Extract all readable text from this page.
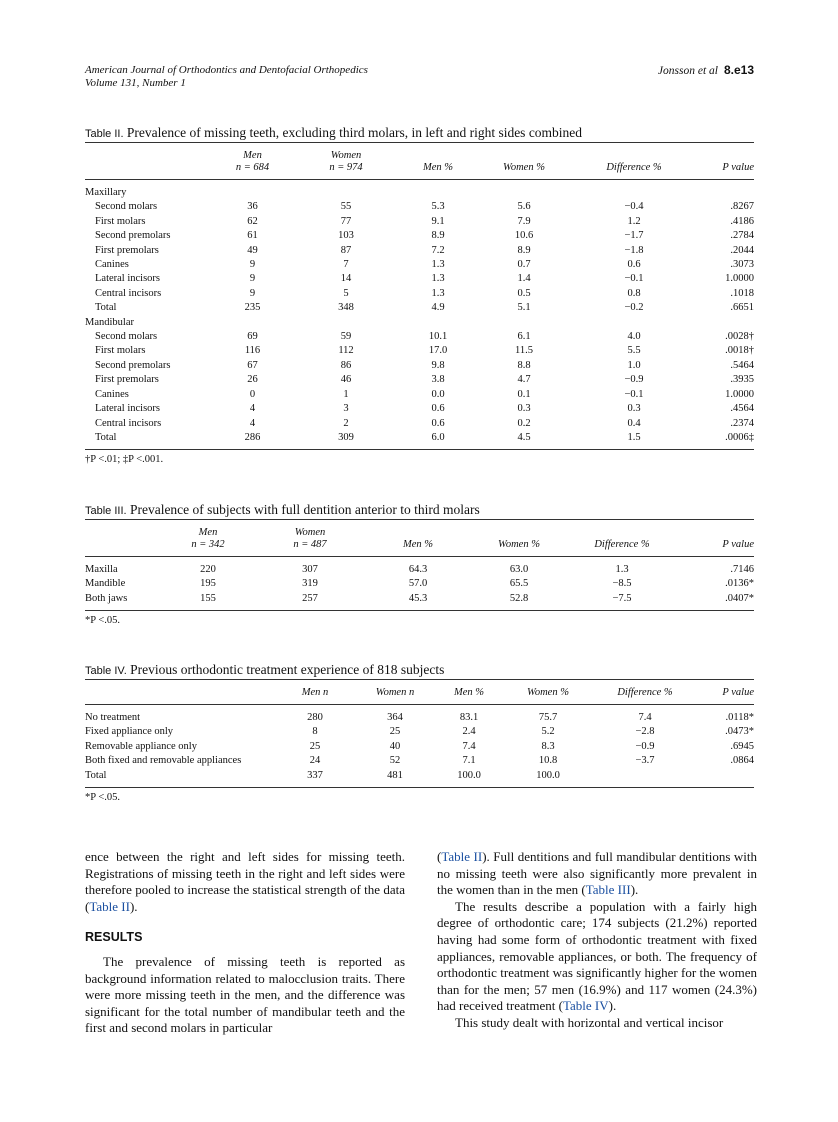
American Journal of Orthodontics and Dentofacial Orthopedics
Volume 131, Number 1
Jonsson et al 8.e13
Table II. Prevalence of missing teeth, excluding third molars, in left and right sides combined
	Men	Women				
	n = 684	n = 974	Men %	Women %	Difference %	P value
Maxillary						
Second molars	36	55	5.3	5.6	−0.4	.8267
First molars	62	77	9.1	7.9	1.2	.4186
Second premolars	61	103	8.9	10.6	−1.7	.2784
First premolars	49	87	7.2	8.9	−1.8	.2044
Canines	9	7	1.3	0.7	0.6	.3073
Lateral incisors	9	14	1.3	1.4	−0.1	1.0000
Central incisors	9	5	1.3	0.5	0.8	.1018
Total	235	348	4.9	5.1	−0.2	.6651
Mandibular						
Second molars	69	59	10.1	6.1	4.0	.0028†
First molars	116	112	17.0	11.5	5.5	.0018†
Second premolars	67	86	9.8	8.8	1.0	.5464
First premolars	26	46	3.8	4.7	−0.9	.3935
Canines	0	1	0.0	0.1	−0.1	1.0000
Lateral incisors	4	3	0.6	0.3	0.3	.4564
Central incisors	4	2	0.6	0.2	0.4	.2374
Total	286	309	6.0	4.5	1.5	.0006‡
†P <.01; ‡P <.001.
Table III. Prevalence of subjects with full dentition anterior to third molars
	Men	Women				
	n = 342	n = 487	Men %	Women %	Difference %	P value
Maxilla	220	307	64.3	63.0	1.3	.7146
Mandible	195	319	57.0	65.5	−8.5	.0136*
Both jaws	155	257	45.3	52.8	−7.5	.0407*
*P <.05.
Table IV. Previous orthodontic treatment experience of 818 subjects

	Men n	Women n	Men %	Women %	Difference %	P value
No treatment	280	364	83.1	75.7	7.4	.0118*
Fixed appliance only	8	25	2.4	5.2	−2.8	.0473*
Removable appliance only	25	40	7.4	8.3	−0.9	.6945
Both fixed and removable appliances	24	52	7.1	10.8	−3.7	.0864
Total	337	481	100.0	100.0		
*P <.05.

ence between the right and left sides for missing teeth. Registrations of missing teeth in the right and left sides were therefore pooled to increase the statistical strength of the data (Table II).

RESULTS

The prevalence of missing teeth is reported as background information related to malocclusion traits. There were more missing teeth in the men, and the difference was significant for the total number of mandibular teeth and the first and second molars in particular

(Table II). Full dentitions and full mandibular dentitions with no missing teeth were also significantly more prevalent in the women than in the men (Table III).

The results describe a population with a fairly high degree of orthodontic care; 174 subjects (21.2%) reported having had some form of orthodontic treatment with fixed appliances, removable appliances, or both. The frequency of orthodontic treatment was significantly higher for the women than for the men; 57 men (16.9%) and 117 women (24.3%) had received treatment (Table IV).

This study dealt with horizontal and vertical incisor
